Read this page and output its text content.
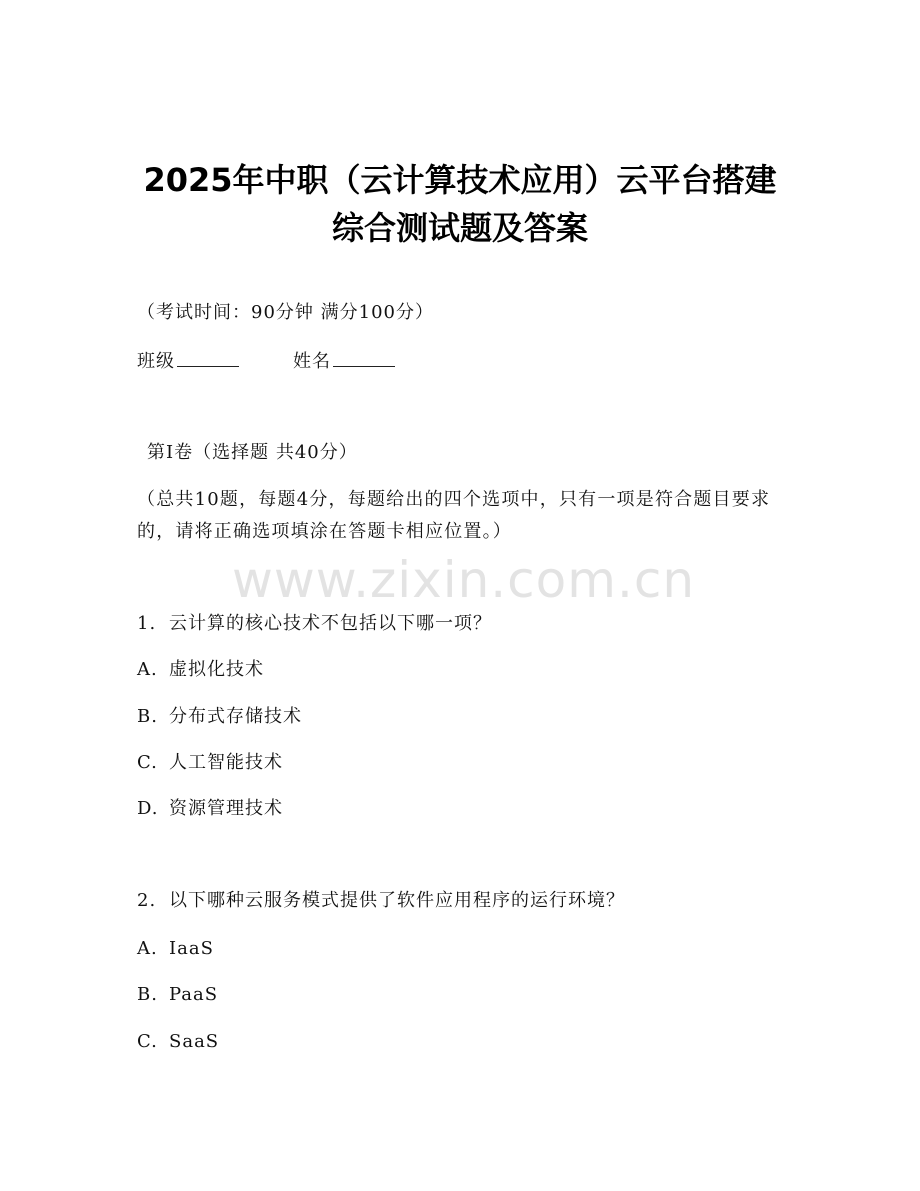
2025年中职（云计算技术应用）云平台搭建
综合测试题及答案
（考试时间：90分钟 满分100分）
班级	姓名
第I卷（选择题 共40分）
（总共10题，每题4分，每题给出的四个选项中，只有一项是符合题目要求的，请将正确选项填涂在答题卡相应位置。）
www.zixin.com.cn
1. 云计算的核心技术不包括以下哪一项？
A. 虚拟化技术
B. 分布式存储技术
C. 人工智能技术
D. 资源管理技术
2. 以下哪种云服务模式提供了软件应用程序的运行环境？
A. IaaS
B. PaaS
C. SaaS
